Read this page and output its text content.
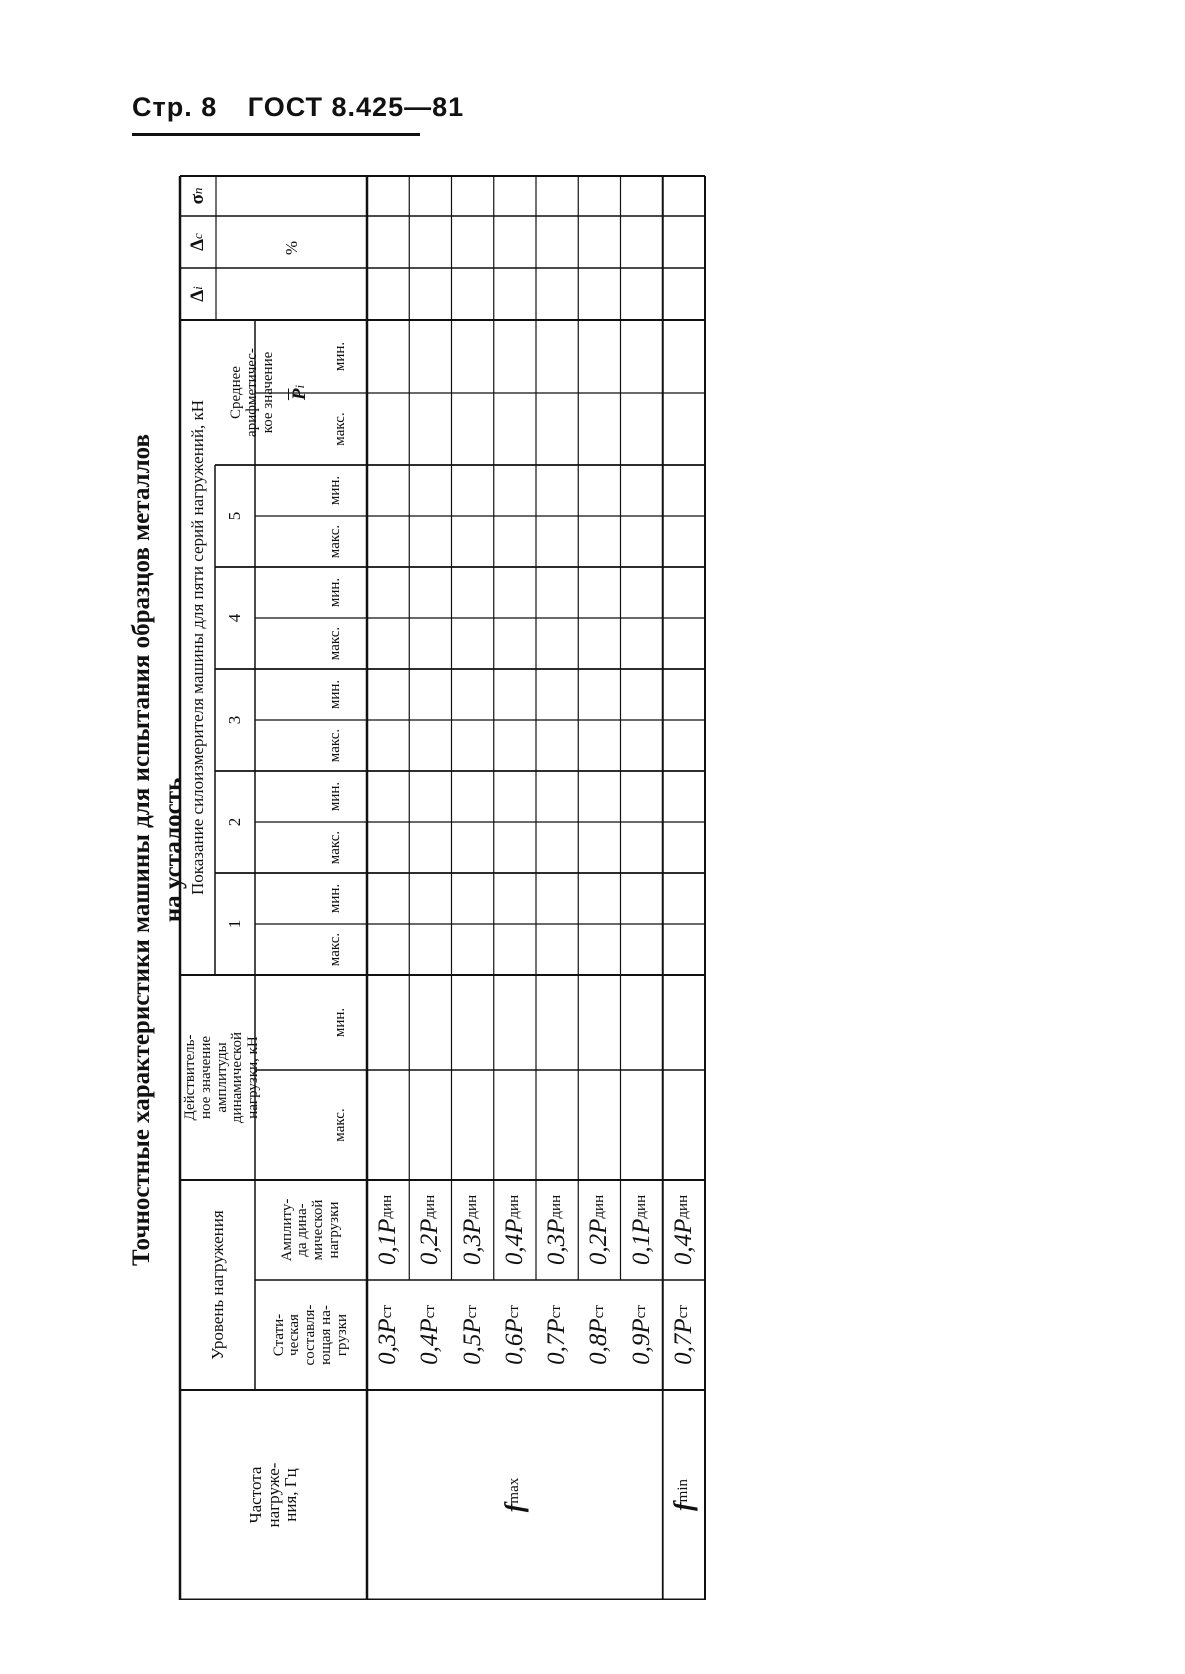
Стр. 8 ГОСТ 8.425—81
Точностные характеристики машины для испытания образцов металлов на усталость
Частота
нагруже-
ния, Гц
Уровень нагружения	Стати-
ческая
составля-
ющая на-
грузки
Амплиту-
да дина-
мической
нагрузки
Действитель-
ное значение
амплитуды
динамической
нагрузки, кН
Показание силоизмерителя машины для пяти серий нагружений, кН
1
2
3
4
5
Среднее
арифметичес-
кое значение $\overline{P}$
i
макс.
мин.
макс.
мин.
макс.
мин.
макс.
мин.
макс.
мин.
макс.
мин.
макс.
мин.
Δ
i
Δ
c
σ
п
%
0,3
P
ст
0,1
P
дин
0,4
P
ст
0,2
P
дин
0,5
P
ст
0,3
P
дин
0,6
P
ст
0,4
P
дин
0,7
P
ст
0,3
P
дин
0,8
P
ст
0,2
P
дин
0,9
P
ст
0,1
P
дин
0,7
P
ст
0,4
P
дин
f
max
f
min
